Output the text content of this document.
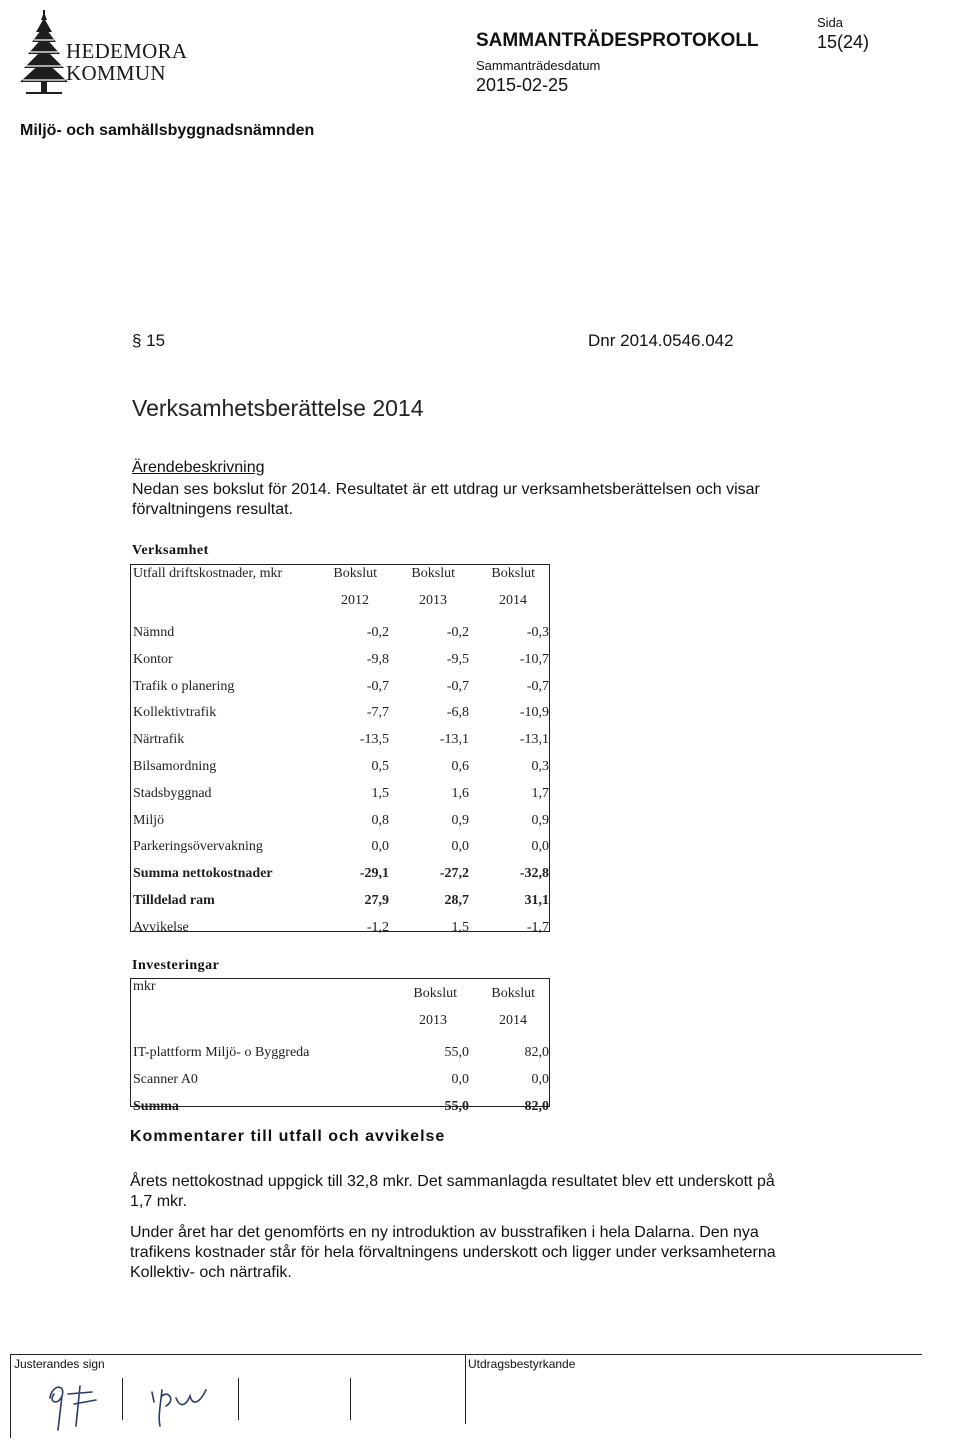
HEDEMORA
KOMMUN
SAMMANTRÄDESPROTOKOLL
Sammanträdesdatum
2015-02-25
Sida
15(24)
Miljö- och samhällsbyggnadsnämnden
§ 15	Dnr 2014.0546.042
Verksamhetsberättelse 2014
Ärendebeskrivning
Nedan ses bokslut för 2014. Resultatet är ett utdrag ur verksamhetsberättelsen och visar förvaltningens resultat.
Verksamhet
Utfall driftskostnader, mkr	Bokslut	Bokslut	Bokslut
	2012	2013	2014
Nämnd	-0,2	-0,2	-0,3
Kontor	-9,8	-9,5	-10,7
Trafik o planering	-0,7	-0,7	-0,7
Kollektivtrafik	-7,7	-6,8	-10,9
Närtrafik	-13,5	-13,1	-13,1
Bilsamordning	0,5	0,6	0,3
Stadsbyggnad	1,5	1,6	1,7
Miljö	0,8	0,9	0,9
Parkeringsövervakning	0,0	0,0	0,0
Summa nettokostnader	-29,1	-27,2	-32,8
Tilldelad ram	27,9	28,7	31,1
Avvikelse	-1,2	1,5	-1,7
Investeringar
mkr	Bokslut	Bokslut
	2013	2014
IT-plattform Miljö- o Byggreda	55,0	82,0
Scanner A0	0,0	0,0
Summa	55,0	82,0
Kommentarer till utfall och avvikelse
Årets nettokostnad uppgick till 32,8 mkr. Det sammanlagda resultatet blev ett underskott på 1,7 mkr.
Under året har det genomförts en ny introduktion av busstrafiken i hela Dalarna. Den nya trafikens kostnader står för hela förvaltningens underskott och ligger under verksamheterna Kollektiv- och närtrafik.
Justerandes sign	Utdragsbestyrkande
